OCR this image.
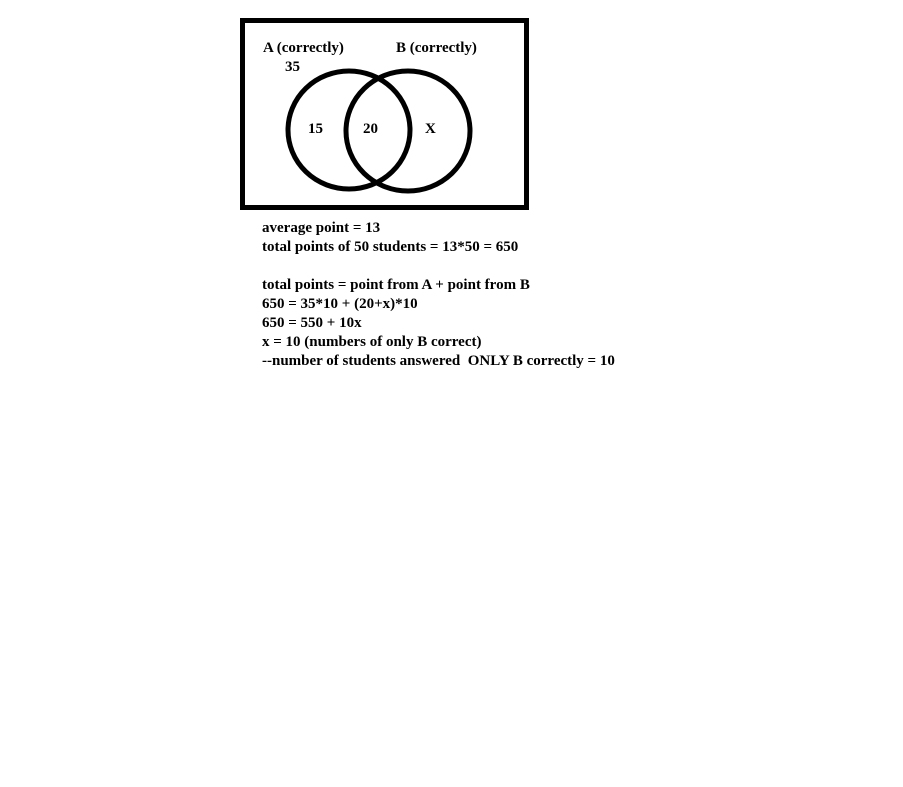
A (correctly)	B (correctly)
35
15	20	X
average point = 13
total points of 50 students = 13*50 = 650
total points = point from A + point from B
650 = 35*10 + (20+x)*10
650 = 550 + 10x
x = 10 (numbers of only B correct)
--number of students answered  ONLY B correctly = 10
